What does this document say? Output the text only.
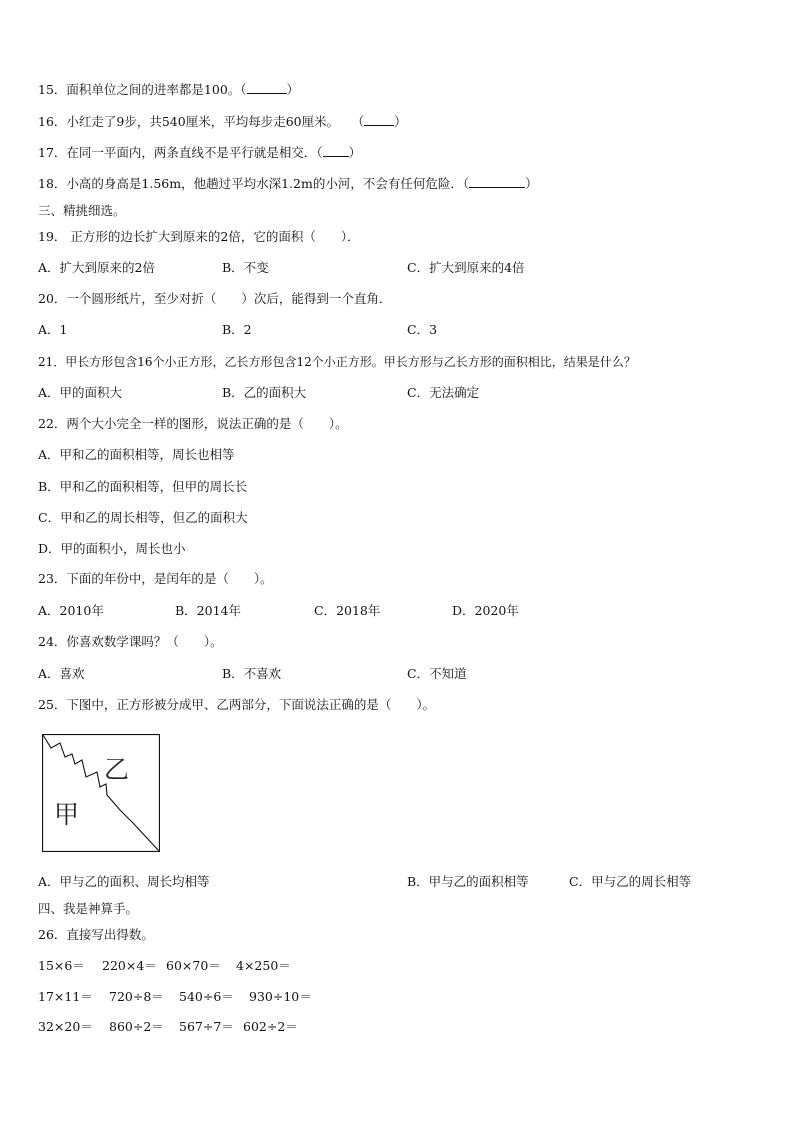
15．面积单位之间的进率都是100。（	）
16．小红走了9步，共540厘米，平均每步走60厘米。　　（ ）
17．在同一平面内，两条直线不是平行就是相交．（ ）
18．小高的身高是1.56m，他趟过平均水深1.2m的小河，不会有任何危险．（	）
三、精挑细选。
19． 正方形的边长扩大到原来的2倍，它的面积（　　）．
A．扩大到原来的2倍	B．不变	C．扩大到原来的4倍
20．一个圆形纸片，至少对折（　　）次后，能得到一个直角．
A．1	B．2	C．3
21．甲长方形包含16个小正方形，乙长方形包含12个小正方形。甲长方形与乙长方形的面积相比，结果是什么？
A．甲的面积大	B．乙的面积大	C．无法确定
22．两个大小完全一样的图形，说法正确的是（　　）。
A．甲和乙的面积相等，周长也相等
B．甲和乙的面积相等，但甲的周长长
C．甲和乙的周长相等，但乙的面积大
D．甲的面积小，周长也小
23．下面的年份中，是闰年的是（　　）。
A．2010年	B．2014年	C．2018年	D．2020年
24．你喜欢数学课吗？（　　）。
A．喜欢	B．不喜欢	C．不知道
25．下图中，正方形被分成甲、乙两部分，下面说法正确的是（　　）。
乙
甲
A．甲与乙的面积、周长均相等	B．甲与乙的面积相等	C．甲与乙的周长相等
四、我是神算手。
26．直接写出得数。
15×6＝ 220×4＝ 60×70＝ 4×250＝
17×11＝ 720÷8＝ 540÷6＝ 930÷10＝
32×20＝ 860÷2＝ 567÷7＝ 602÷2＝
